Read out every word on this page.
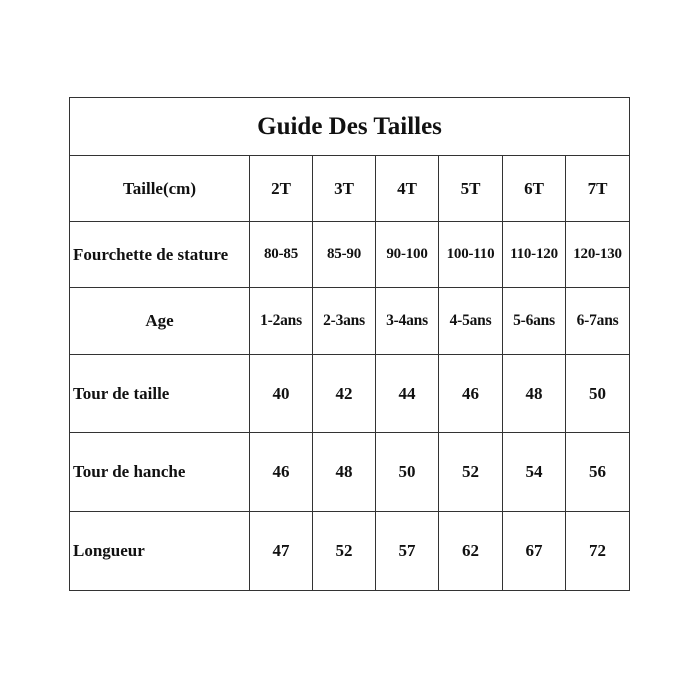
Guide Des Tailles						
Taille(cm)	2T	3T	4T	5T	6T	7T
Fourchette de stature	80-85	85-90	90-100	100-110	110-120	120-130
Age	1-2ans	2-3ans	3-4ans	4-5ans	5-6ans	6-7ans
Tour de taille	40	42	44	46	48	50
Tour de hanche	46	48	50	52	54	56
Longueur	47	52	57	62	67	72
